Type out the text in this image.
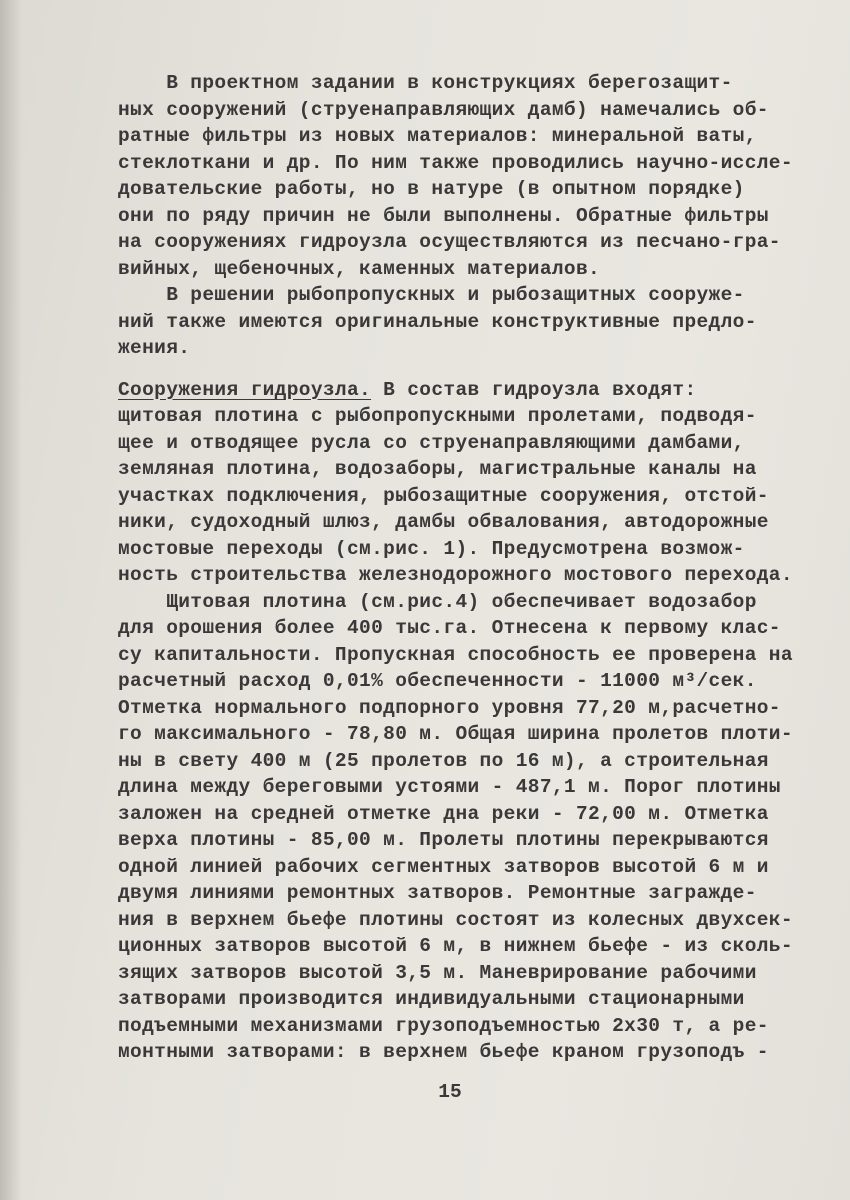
В проектном задании в конструкциях берегозащит-
ных сооружений (струенаправляющих дамб) намечались об-
ратные фильтры из новых материалов: минеральной ваты,
стеклоткани и др. По ним также проводились научно-иссле-
довательские работы, но в натуре (в опытном порядке)
они по ряду причин не были выполнены. Обратные фильтры
на сооружениях гидроузла осуществляются из песчано-гра-
вийных, щебеночных, каменных материалов.
В решении рыбопропускных и рыбозащитных сооруже-
ний также имеются оригинальные конструктивные предло-
жения.
Сооружения гидроузла. В состав гидроузла входят:
щитовая плотина с рыбопропускными пролетами, подводя-
щее и отводящее русла со струенаправляющими дамбами,
земляная плотина, водозаборы, магистральные каналы на
участках подключения, рыбозащитные сооружения, отстой-
ники, судоходный шлюз, дамбы обвалования, автодорожные
мостовые переходы (см.рис. 1). Предусмотрена возмож-
ность строительства железнодорожного мостового перехода.
Щитовая плотина (см.рис.4) обеспечивает водозабор
для орошения более 400 тыс.га. Отнесена к первому клас-
су капитальности. Пропускная способность ее проверена на
расчетный расход 0,01% обеспеченности - 11000 м³/сек.
Отметка нормального подпорного уровня 77,20 м,расчетно-
го максимального - 78,80 м. Общая ширина пролетов плоти-
ны в свету 400 м (25 пролетов по 16 м), а строительная
длина между береговыми устоями - 487,1 м. Порог плотины
заложен на средней отметке дна реки - 72,00 м. Отметка
верха плотины - 85,00 м. Пролеты плотины перекрываются
одной линией рабочих сегментных затворов высотой 6 м и
двумя линиями ремонтных затворов. Ремонтные загражде-
ния в верхнем бьефе плотины состоят из колесных двухсек-
ционных затворов высотой 6 м, в нижнем бьефе - из сколь-
зящих затворов высотой 3,5 м. Маневрирование рабочими
затворами производится индивидуальными стационарными
подъемными механизмами грузоподъемностью 2х30 т, а ре-
монтными затворами: в верхнем бьефе краном грузоподъ -
15
